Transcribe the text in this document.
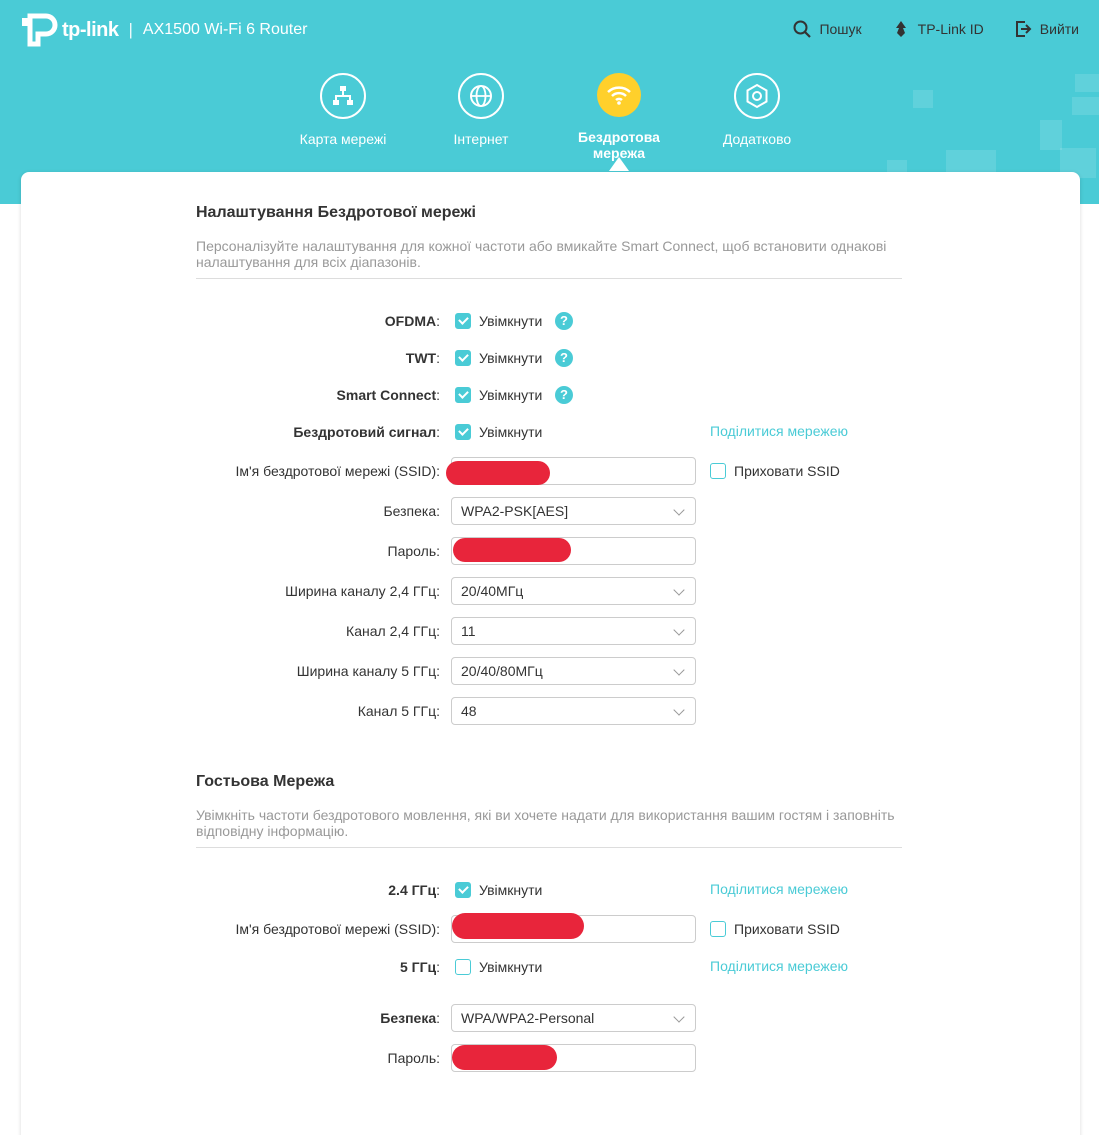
tp-link | AX1500 Wi-Fi 6 Router	Пошук	TP-Link ID	Вийти
Карта мережі	Інтернет	Бездротова
мережа
Додатково
Налаштування Бездротової мережі
Персоналізуйте налаштування для кожної частоти або вмикайте Smart Connect, щоб встановити однакові
налаштування для всіх діапазонів.
OFDMA:	Увімкнути	?
TWT:	Увімкнути	?
Smart Connect:	Увімкнути	?
Бездротовий сигнал:	Увімкнути	Поділитися мережею
Ім'я бездротової мережі (SSID):	Приховати SSID
Безпека:	WPA2-PSK[AES]
Пароль:
Ширина каналу 2,4 ГГц:	20/40МГц
Канал 2,4 ГГц:	11
Ширина каналу 5 ГГц:	20/40/80МГц
Канал 5 ГГц:	48
Гостьова Мережа
Увімкніть частоти бездротового мовлення, які ви хочете надати для використання вашим гостям і заповніть
відповідну інформацію.
2.4 ГГц:	Увімкнути	Поділитися мережею
Ім'я бездротової мережі (SSID):	Приховати SSID
5 ГГц:	Увімкнути	Поділитися мережею
Безпека:	WPA/WPA2-Personal
Пароль:
